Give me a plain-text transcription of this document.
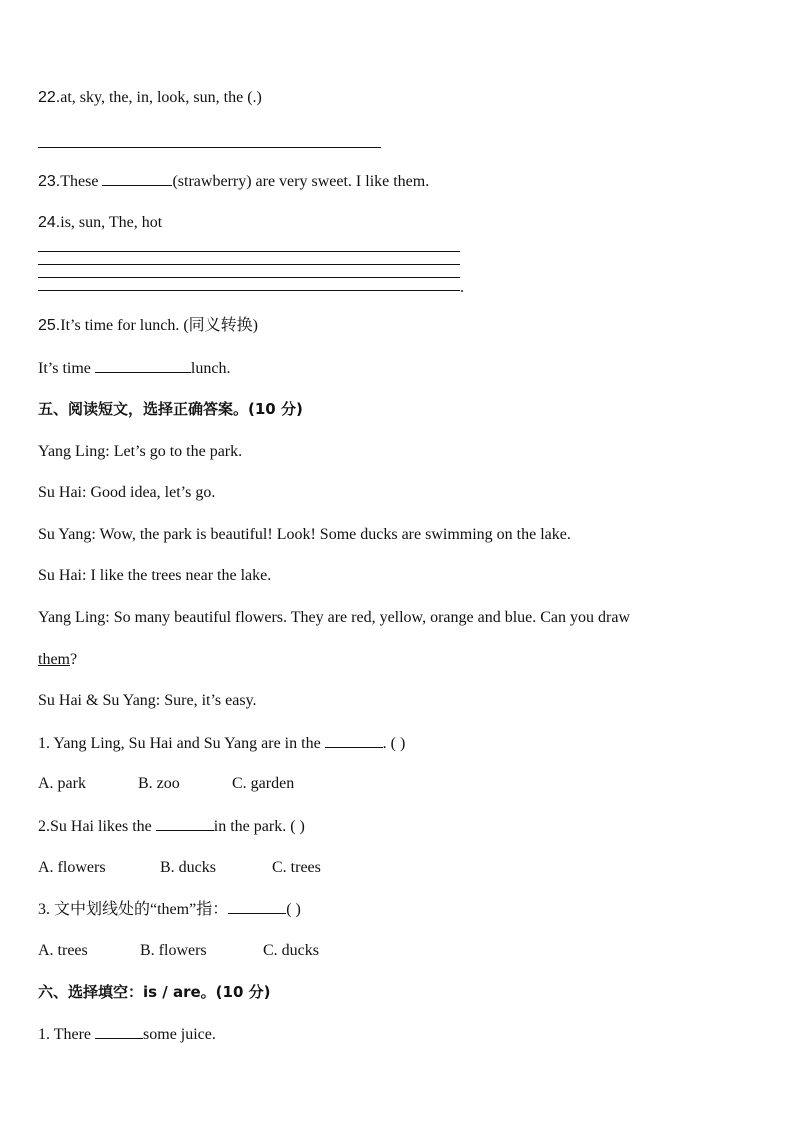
22.at, sky, the, in, look, sun, the (.)
23.These	(strawberry) are very sweet. I like them.
24.is, sun, The, hot
.
25.It’s time for lunch. (同义转换)
It’s time	lunch.
五、阅读短文，选择正确答案。(10 分)
Yang Ling: Let’s go to the park.
Su Hai: Good idea, let’s go.
Su Yang: Wow, the park is beautiful! Look! Some ducks are swimming on the lake.
Su Hai: I like the trees near the lake.
Yang Ling: So many beautiful flowers. They are red, yellow, orange and blue. Can you draw
them?
Su Hai & Su Yang: Sure, it’s easy.
1. Yang Ling, Su Hai and Su Yang are in the	. ( )
A. park	B. zoo	C. garden
2.Su Hai likes the	in the park. ( )
A. flowers	B. ducks	C. trees
3. 文中划线处的“them”指：	( )
A. trees	B. flowers	C. ducks
六、选择填空：is / are。(10 分)
1. There	some juice.
